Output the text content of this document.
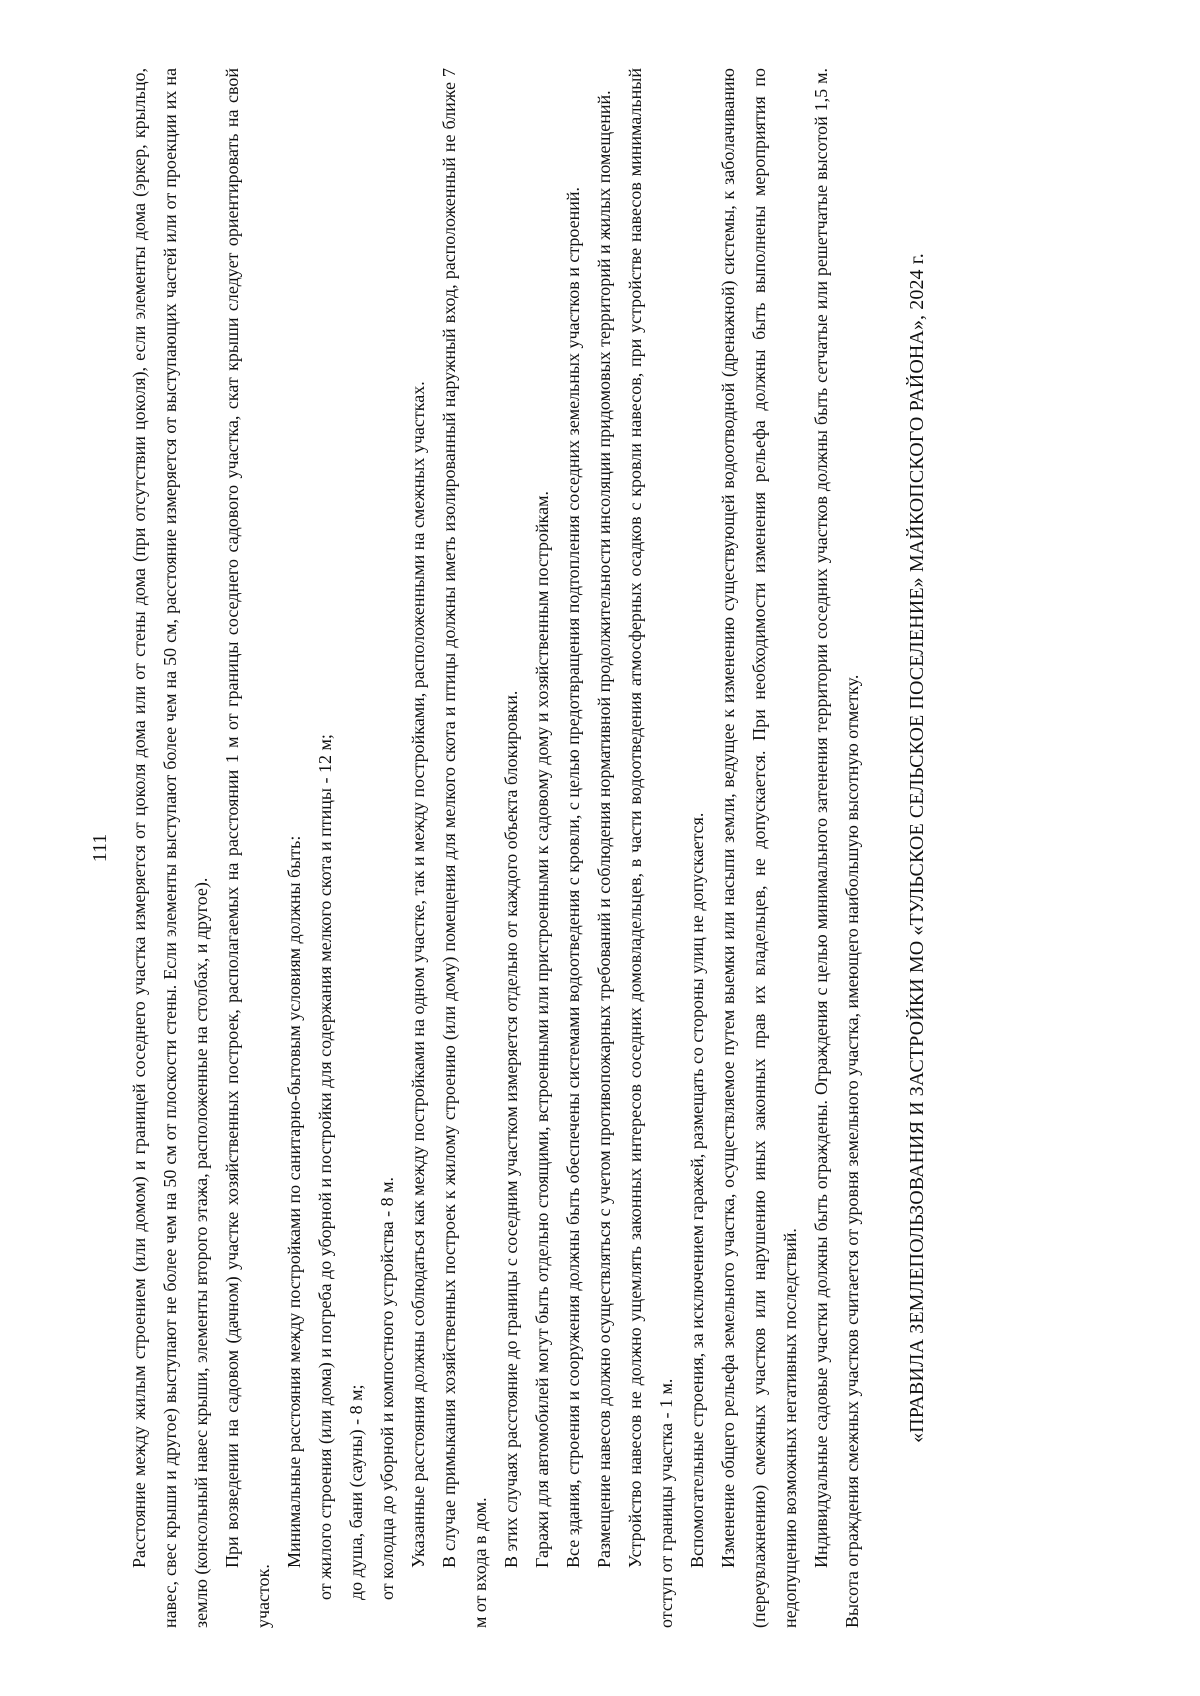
111 Расстояние между жилым строением (или домом) и границей соседнего участка измеряется от цоколя дома или от стены дома (при отсутствии цоколя), если элементы дома (эркер, крыльцо, навес, свес крыши и другое) выступают не более чем на 50 см от плоскости стены. Если элементы выступают более чем на 50 см, расстояние измеряется от выступающих частей или от проекции их на землю (консольный навес крыши, элементы второго этажа, расположенные на столбах, и другое). При возведении на садовом (дачном) участке хозяйственных построек, располагаемых на расстоянии 1 м от границы соседнего садового участка, скат крыши следует ориентировать на свой участок.

Минимальные расстояния между постройками по санитарно-бытовым условиям должны быть: от жилого строения (или дома) и погреба до уборной и постройки для содержания мелкого скота и птицы - 12 м; до душа, бани (сауны) - 8 м; от колодца до уборной и компостного устройства - 8 м. Указанные расстояния должны соблюдаться как между постройками на одном участке, так и между постройками, расположенными на смежных участках. В случае примыкания хозяйственных построек к жилому строению (или дому) помещения для мелкого скота и птицы должны иметь изолированный наружный вход, расположенный не ближе 7 м от входа в дом. В этих случаях расстояние до границы с соседним участком измеряется отдельно от каждого объекта блокировки. Гаражи для автомобилей могут быть отдельно стоящими, встроенными или пристроенными к садовому дому и хозяйственным постройкам. Все здания, строения и сооружения должны быть обеспечены системами водоотведения с кровли, с целью предотвращения подтопления соседних земельных участков и строений. Размещение навесов должно осуществляться с учетом противопожарных требований и соблюдения нормативной продолжительности инсоляции придомовых территорий и жилых помещений. Устройство навесов не должно ущемлять законных интересов соседних домовладельцев, в части водоотведения атмосферных осадков с кровли навесов, при устройстве навесов минимальный отступ от границы участка - 1 м. Вспомогательные строения, за исключением гаражей, размещать со стороны улиц не допускается. Изменение общего рельефа земельного участка, осуществляемое путем выемки или насыпи земли, ведущее к изменению существующей водоотводной (дренажной) системы, к заболачиванию (переувлажнению) смежных участков или нарушению иных законных прав их владельцев, не допускается. При необходимости изменения рельефа должны быть выполнены мероприятия по недопущению возможных негативных последствий. Индивидуальные садовые участки должны быть ограждены. Ограждения с целью минимального затенения территории соседних участков должны быть сетчатые или решетчатые высотой 1,5 м. Высота ограждения смежных участков считается от уровня земельного участка, имеющего наибольшую высотную отметку.	«ПРАВИЛА ЗЕМЛЕПОЛЬЗОВАНИЯ И ЗАСТРОЙКИ МО «ТУЛЬСКОЕ СЕЛЬСКОЕ ПОСЕЛЕНИЕ» МАЙКОПСКОГО РАЙОНА», 2024 г.
